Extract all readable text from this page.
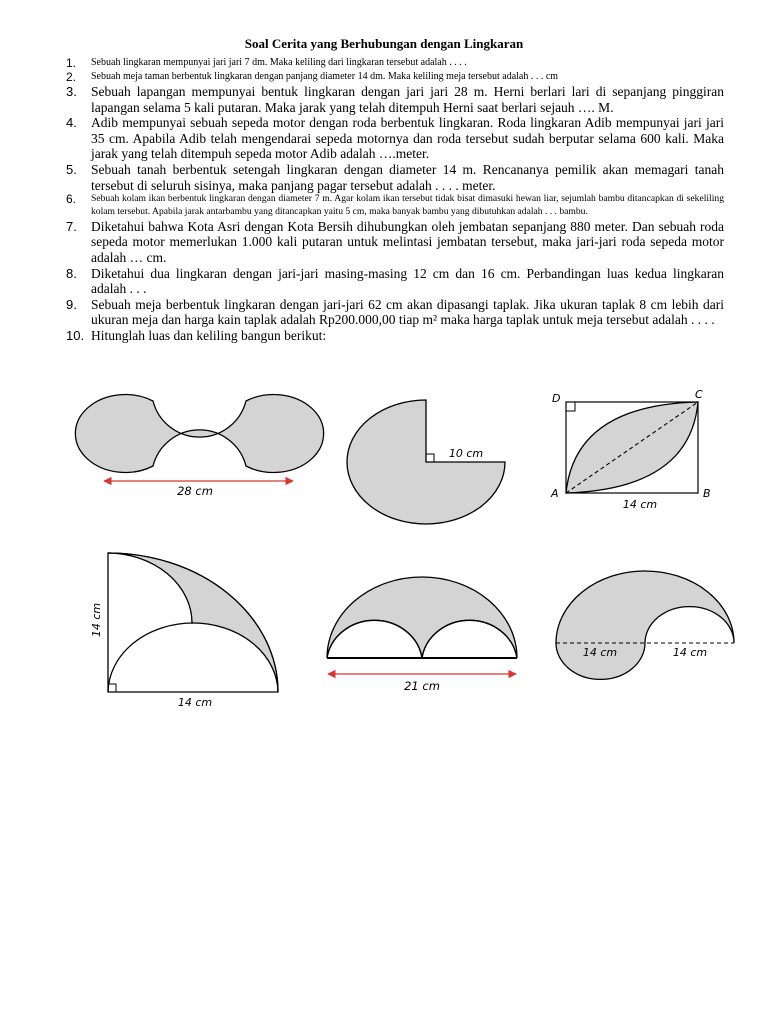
Soal Cerita yang Berhubungan dengan Lingkaran
1. Sebuah lingkaran mempunyai jari jari 7 dm. Maka keliling dari lingkaran tersebut adalah . . . .
2. Sebuah meja taman berbentuk lingkaran dengan panjang diameter 14 dm. Maka keliling meja tersebut adalah . . . cm
3. Sebuah lapangan mempunyai bentuk lingkaran dengan jari jari 28 m. Herni berlari lari di sepanjang pinggiran lapangan selama 5 kali putaran. Maka jarak yang telah ditempuh Herni saat berlari sejauh …. M.
4. Adib mempunyai sebuah sepeda motor dengan roda berbentuk lingkaran. Roda lingkaran Adib mempunyai jari jari 35 cm. Apabila Adib telah mengendarai sepeda motornya dan roda tersebut sudah berputar selama 600 kali. Maka jarak yang telah ditempuh sepeda motor Adib adalah ….meter.
5. Sebuah tanah berbentuk setengah lingkaran dengan diameter 14 m. Rencananya pemilik akan memagari tanah tersebut di seluruh sisinya, maka panjang pagar tersebut adalah . . . . meter.
6. Sebuah kolam ikan berbentuk lingkaran dengan diameter 7 m. Agar kolam ikan tersebut tidak bisat dimasuki hewan liar, sejumlah bambu ditancapkan di sekeliling kolam tersebut. Apabila jarak antarbambu yang ditancapkan yaitu 5 cm, maka banyak bambu yang dibutuhkan adalah . . . bambu.
7. Diketahui bahwa Kota Asri dengan Kota Bersih dihubungkan oleh jembatan sepanjang 880 meter. Dan sebuah roda sepeda motor memerlukan 1.000 kali putaran untuk melintasi jembatan tersebut, maka jari-jari roda sepeda motor adalah … cm.
8. Diketahui dua lingkaran dengan jari-jari masing-masing 12 cm dan 16 cm. Perbandingan luas kedua lingkaran adalah . . .
9. Sebuah meja berbentuk lingkaran dengan jari-jari 62 cm akan dipasangi taplak. Jika ukuran taplak 8 cm lebih dari ukuran meja dan harga kain taplak adalah Rp200.000,00 tiap m² maka harga taplak untuk meja tersebut adalah . . . .
10. Hitunglah luas dan keliling bangun berikut:
28 cm
10 cm
D	C
A	B
14 cm
14 cm
14 cm
21 cm
14 cm	14 cm
